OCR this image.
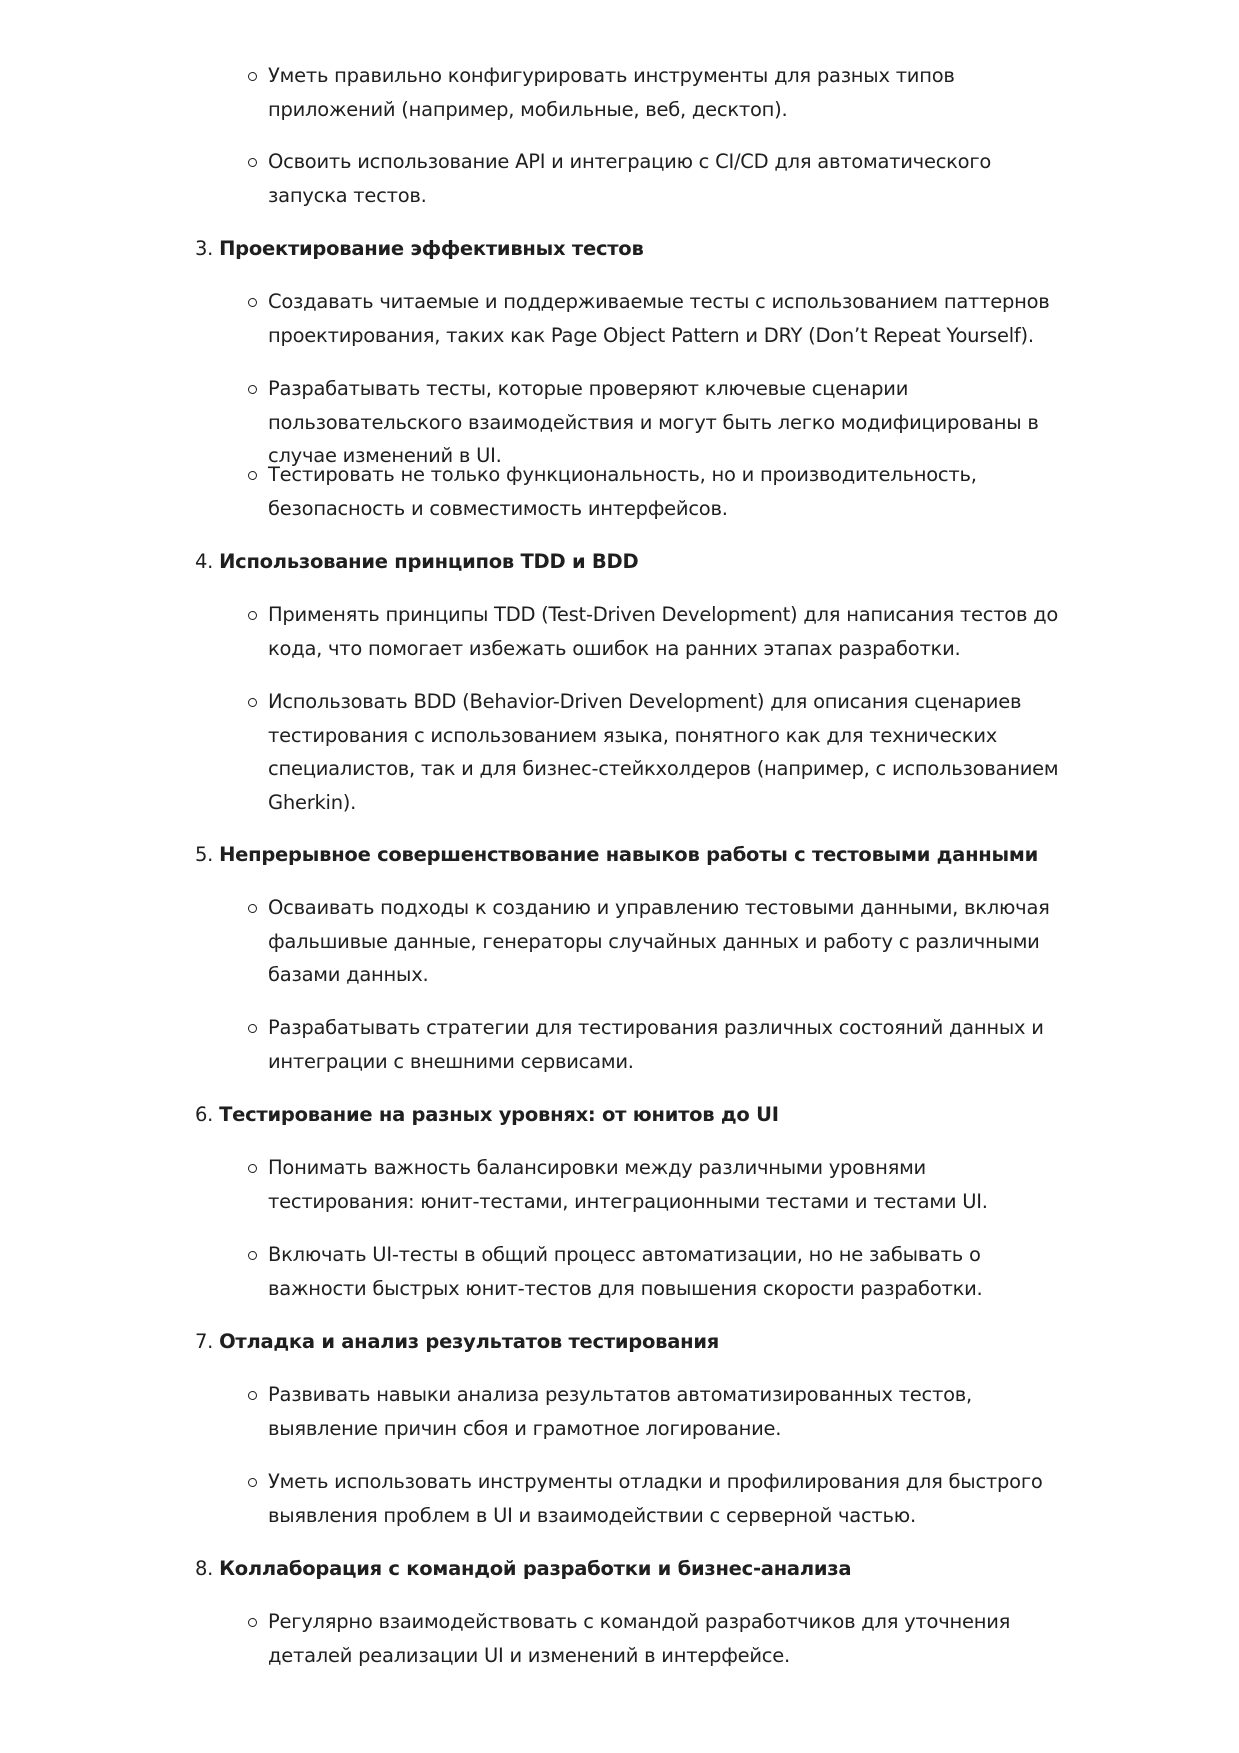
Уметь правильно конфигурировать инструменты для разных типов приложений (например, мобильные, веб, десктоп).
Освоить использование API и интеграцию с CI/CD для автоматического запуска тестов.
3. Проектирование эффективных тестов
Создавать читаемые и поддерживаемые тесты с использованием паттернов проектирования, таких как Page Object Pattern и DRY (Don’t Repeat Yourself).
Разрабатывать тесты, которые проверяют ключевые сценарии пользовательского взаимодействия и могут быть легко модифицированы в случае изменений в UI.
Тестировать не только функциональность, но и производительность, безопасность и совместимость интерфейсов.
4. Использование принципов TDD и BDD
Применять принципы TDD (Test-Driven Development) для написания тестов до кода, что помогает избежать ошибок на ранних этапах разработки.
Использовать BDD (Behavior-Driven Development) для описания сценариев тестирования с использованием языка, понятного как для технических специалистов, так и для бизнес-стейкхолдеров (например, с использованием Gherkin).
5. Непрерывное совершенствование навыков работы с тестовыми данными
Осваивать подходы к созданию и управлению тестовыми данными, включая фальшивые данные, генераторы случайных данных и работу с различными базами данных.
Разрабатывать стратегии для тестирования различных состояний данных и интеграции с внешними сервисами.
6. Тестирование на разных уровнях: от юнитов до UI
Понимать важность балансировки между различными уровнями тестирования: юнит-тестами, интеграционными тестами и тестами UI.
Включать UI-тесты в общий процесс автоматизации, но не забывать о важности быстрых юнит-тестов для повышения скорости разработки.
7. Отладка и анализ результатов тестирования
Развивать навыки анализа результатов автоматизированных тестов, выявление причин сбоя и грамотное логирование.
Уметь использовать инструменты отладки и профилирования для быстрого выявления проблем в UI и взаимодействии с серверной частью.
8. Коллаборация с командой разработки и бизнес-анализа
Регулярно взаимодействовать с командой разработчиков для уточнения деталей реализации UI и изменений в интерфейсе.
